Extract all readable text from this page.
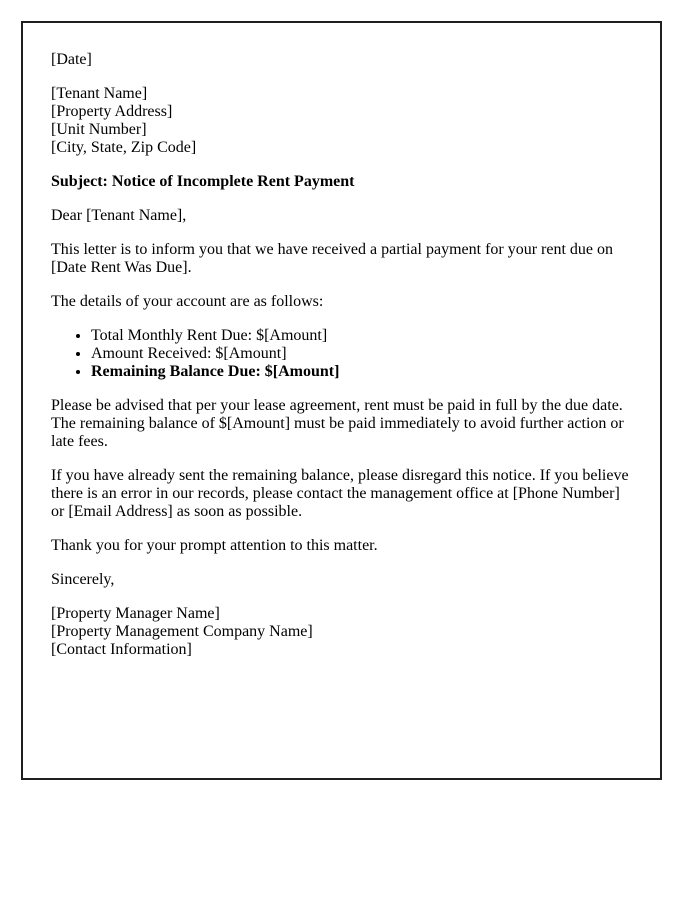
[Date]

[Tenant Name]
[Property Address]
[Unit Number]
[City, State, Zip Code]

Subject: Notice of Incomplete Rent Payment

Dear [Tenant Name],

This letter is to inform you that we have received a partial payment for your rent due on [Date Rent Was Due].

The details of your account are as follows:

• Total Monthly Rent Due: $[Amount]
• Amount Received: $[Amount]
• Remaining Balance Due: $[Amount]

Please be advised that per your lease agreement, rent must be paid in full by the due date. The remaining balance of $[Amount] must be paid immediately to avoid further action or late fees.

If you have already sent the remaining balance, please disregard this notice. If you believe there is an error in our records, please contact the management office at [Phone Number] or [Email Address] as soon as possible.

Thank you for your prompt attention to this matter.

Sincerely,

[Property Manager Name]
[Property Management Company Name]
[Contact Information]
